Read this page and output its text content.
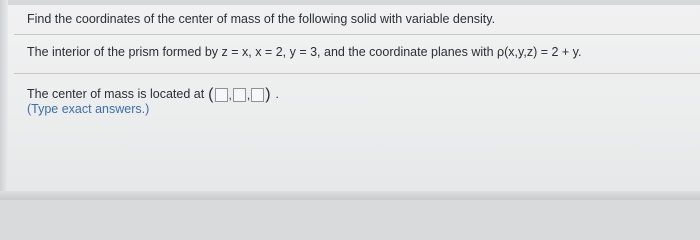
Find the coordinates of the center of mass of the following solid with variable density.
The interior of the prism formed by z = x, x = 2, y = 3, and the coordinate planes with ρ(x,y,z) = 2 + y.
The center of mass is located at ( , , ) .
(Type exact answers.)
